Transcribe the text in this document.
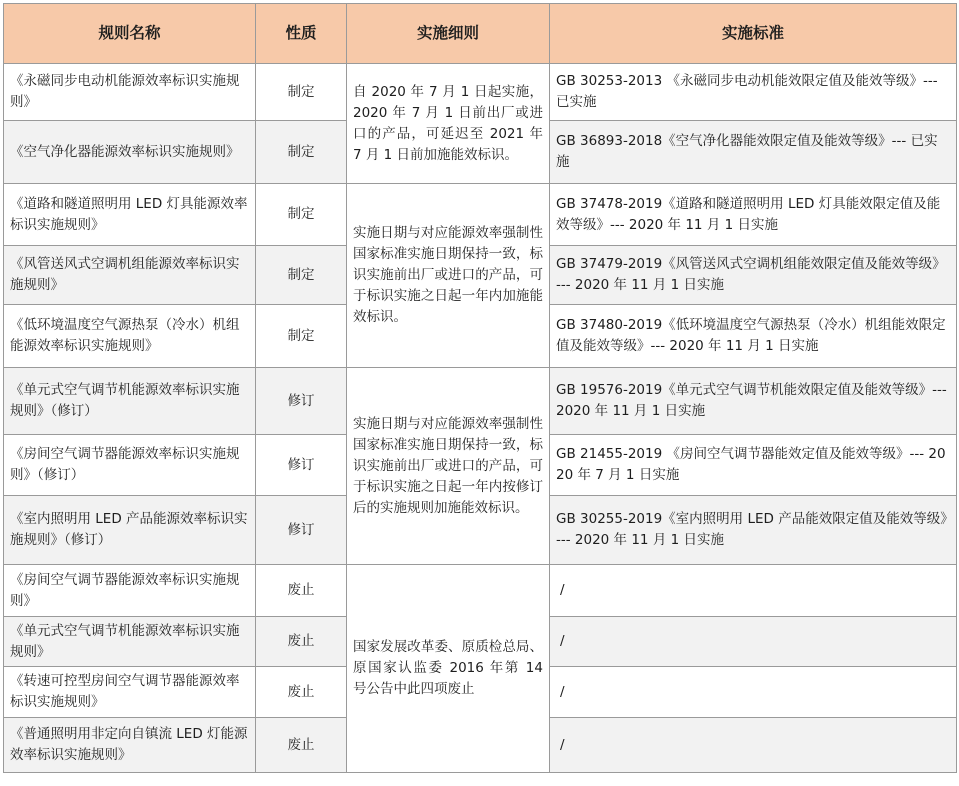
规则名称	性质	实施细则	实施标准
《永磁同步电动机能源效率标识实施规则》	制定	自 2020 年 7 月 1 日起实施，2020 年 7 月 1 日前出厂或进口的产品，可延迟至 2021 年 7 月 1 日前加施能效标识。	GB 30253-2013 《永磁同步电动机能效限定值及能效等级》--- 已实施
《空气净化器能源效率标识实施规则》	制定		GB 36893-2018《空气净化器能效限定值及能效等级》--- 已实施
《道路和隧道照明用 LED 灯具能源效率标识实施规则》	制定	实施日期与对应能源效率强制性国家标准实施日期保持一致，标识实施前出厂或进口的产品，可于标识实施之日起一年内加施能效标识。	GB 37478-2019《道路和隧道照明用 LED 灯具能效限定值及能效等级》--- 2020 年 11 月 1 日实施
《风管送风式空调机组能源效率标识实施规则》	制定		GB 37479-2019《风管送风式空调机组能效限定值及能效等级》--- 2020 年 11 月 1 日实施
《低环境温度空气源热泵（冷水）机组能源效率标识实施规则》	制定		GB 37480-2019《低环境温度空气源热泵（冷水）机组能效限定值及能效等级》--- 2020 年 11 月 1 日实施
《单元式空气调节机能源效率标识实施规则》（修订）	修订	实施日期与对应能源效率强制性国家标准实施日期保持一致，标识实施前出厂或进口的产品，可于标识实施之日起一年内按修订后的实施规则加施能效标识。	GB 19576-2019《单元式空气调节机能效限定值及能效等级》--- 2020 年 11 月 1 日实施
《房间空气调节器能源效率标识实施规则》（修订）	修订		GB 21455-2019 《房间空气调节器能效定值及能效等级》--- 2020 年 7 月 1 日实施
《室内照明用 LED 产品能源效率标识实施规则》（修订）	修订		GB 30255-2019《室内照明用 LED 产品能效限定值及能效等级》--- 2020 年 11 月 1 日实施
《房间空气调节器能源效率标识实施规则》	废止	国家发展改革委、原质检总局、原国家认监委 2016 年第 14 号公告中此四项废止	/
《单元式空气调节机能源效率标识实施规则》	废止		/
《转速可控型房间空气调节器能源效率标识实施规则》	废止		/
《普通照明用非定向自镇流 LED 灯能源效率标识实施规则》	废止		/
